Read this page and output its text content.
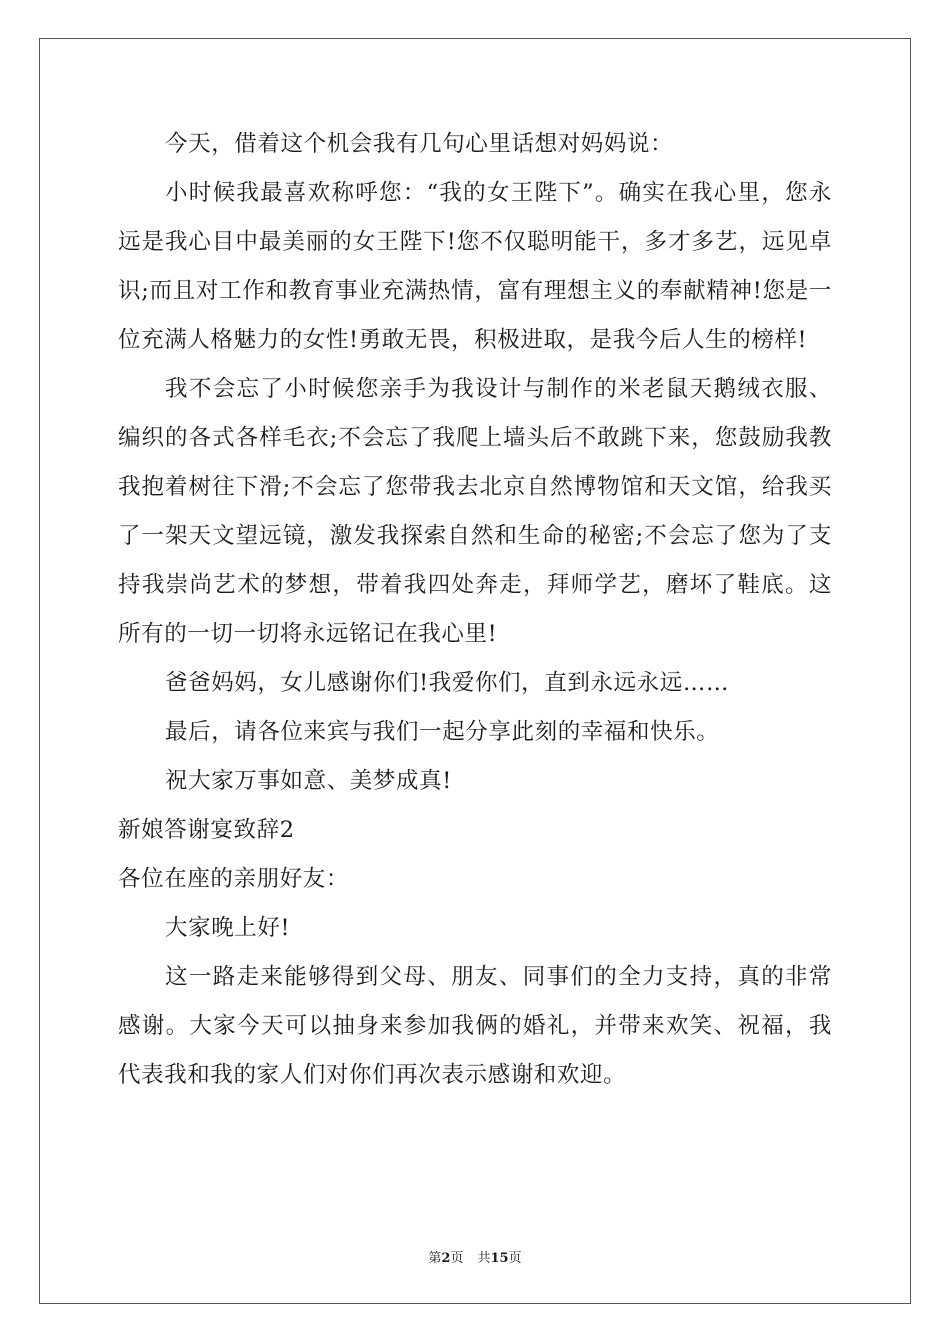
今天，借着这个机会我有几句心里话想对妈妈说：

小时候我最喜欢称呼您：“我的女王陛下”。确实在我心里，您永远是我心目中最美丽的女王陛下!您不仅聪明能干，多才多艺，远见卓识;而且对工作和教育事业充满热情，富有理想主义的奉献精神!您是一位充满人格魅力的女性!勇敢无畏，积极进取，是我今后人生的榜样!

我不会忘了小时候您亲手为我设计与制作的米老鼠天鹅绒衣服、编织的各式各样毛衣;不会忘了我爬上墙头后不敢跳下来，您鼓励我教我抱着树往下滑;不会忘了您带我去北京自然博物馆和天文馆，给我买了一架天文望远镜，激发我探索自然和生命的秘密;不会忘了您为了支持我崇尚艺术的梦想，带着我四处奔走，拜师学艺，磨坏了鞋底。这所有的一切一切将永远铭记在我心里!

爸爸妈妈，女儿感谢你们!我爱你们，直到永远永远……

最后，请各位来宾与我们一起分享此刻的幸福和快乐。

祝大家万事如意、美梦成真!

新娘答谢宴致辞2

各位在座的亲朋好友：

大家晚上好!

这一路走来能够得到父母、朋友、同事们的全力支持，真的非常感谢。大家今天可以抽身来参加我俩的婚礼，并带来欢笑、祝福，我代表我和我的家人们对你们再次表示感谢和欢迎。

第2页 共15页
